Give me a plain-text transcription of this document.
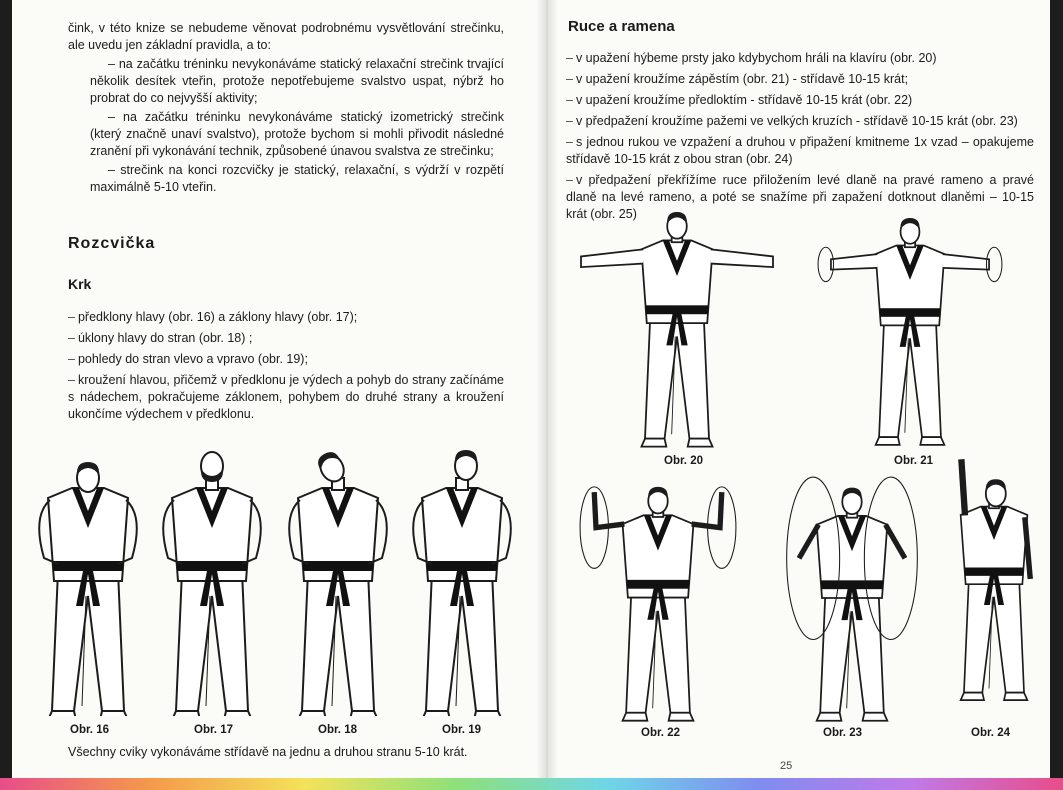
čink, v této knize se nebudeme věnovat podrobnému vysvětlování strečinku, ale uvedu jen základní pravidla, a to:

– na začátku tréninku nevykonáváme statický relaxační strečink trvající několik desítek vteřin, protože nepotřebujeme svalstvo uspat, nýbrž ho probrat do co nejvyšší aktivity;

– na začátku tréninku nevykonáváme statický izometrický strečink (který značně unaví svalstvo), protože bychom si mohli přivodit následné zranění při vykonávání technik, způsobené únavou svalstva ze strečinku;

– strečink na konci rozcvičky je statický, relaxační, s výdrží v rozpětí maximálně 5-10 vteřin.

Rozcvička
Krk
– předklony hlavy (obr. 16) a záklony hlavy (obr. 17);
– úklony hlavy do stran (obr. 18) ;
– pohledy do stran vlevo a vpravo (obr. 19);
– kroužení hlavou, přičemž v předklonu je výdech a pohyb do strany začínáme s nádechem, pokračujeme záklonem, pohybem do druhé strany a kroužení ukončíme výdechem v předklonu.
Ruce a ramena
– v upažení hýbeme prsty jako kdybychom hráli na klavíru (obr. 20)
– v upažení kroužíme zápěstím (obr. 21) - střídavě 10-15 krát;
– v upažení kroužíme předloktím - střídavě 10-15 krát (obr. 22)
– v předpažení kroužíme pažemi ve velkých kruzích - střídavě 10-15 krát (obr. 23)
– s jednou rukou ve vzpažení a druhou v připažení kmitneme 1x vzad – opakujeme střídavě 10-15 krát z obou stran (obr. 24)
– v předpažení překřížíme ruce přiložením levé dlaně na pravé rameno a pravé dlaně na levé rameno, a poté se snažíme při zapažení dotknout dlaněmi – 10-15 krát (obr. 25)
Obr. 16	Obr. 17	Obr. 18	Obr. 19
Obr. 20	Obr. 21
Obr. 22	Obr. 23	Obr. 24
Všechny cviky vykonáváme střídavě na jednu a druhou stranu 5-10 krát.
25
